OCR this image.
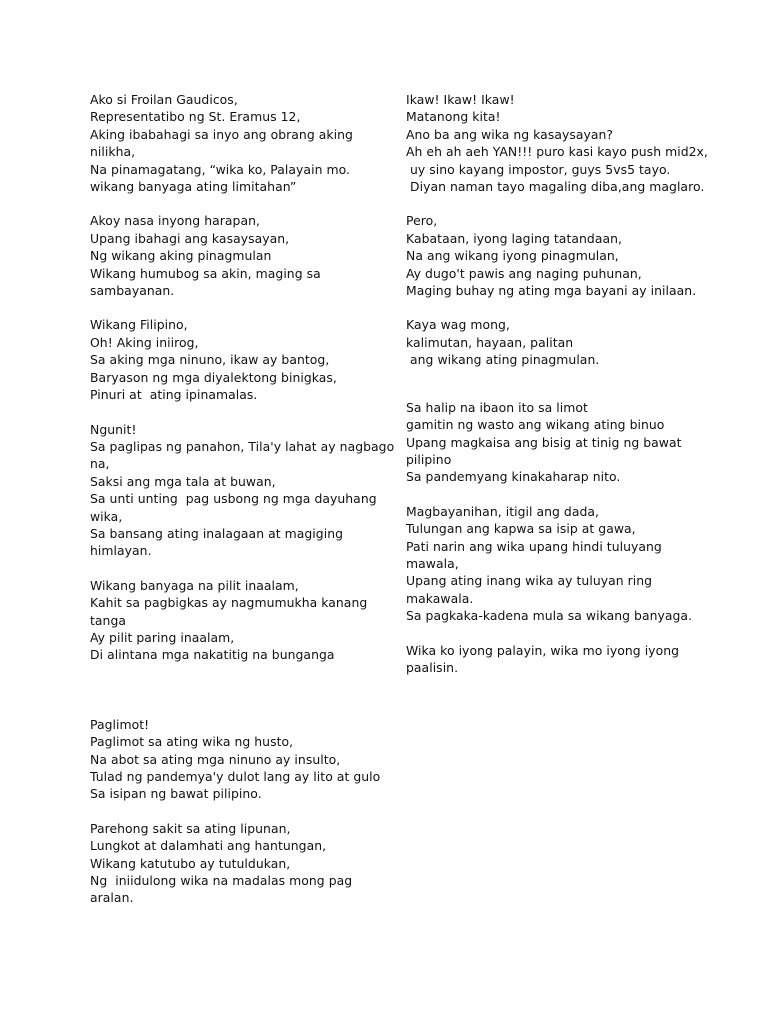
Ako si Froilan Gaudicos,
Representatibo ng St. Eramus 12,
Aking ibabahagi sa inyo ang obrang aking
nilikha,
Na pinamagatang, “wika ko, Palayain mo.
wikang banyaga ating limitahan”
Akoy nasa inyong harapan,
Upang ibahagi ang kasaysayan,
Ng wikang aking pinagmulan
Wikang humubog sa akin, maging sa
sambayanan.
Wikang Filipino,
Oh! Aking iniirog,
Sa aking mga ninuno, ikaw ay bantog,
Baryason ng mga diyalektong binigkas,
Pinuri at  ating ipinamalas.
Ngunit!
Sa paglipas ng panahon, Tila'y lahat ay nagbago
na,
Saksi ang mga tala at buwan,
Sa unti unting  pag usbong ng mga dayuhang
wika,
Sa bansang ating inalagaan at magiging
himlayan.
Wikang banyaga na pilit inaalam,
Kahit sa pagbigkas ay nagmumukha kanang
tanga
Ay pilit paring inaalam,
Di alintana mga nakatitig na bunganga
Paglimot!
Paglimot sa ating wika ng husto,
Na abot sa ating mga ninuno ay insulto,
Tulad ng pandemya'y dulot lang ay lito at gulo
Sa isipan ng bawat pilipino.
Parehong sakit sa ating lipunan,
Lungkot at dalamhati ang hantungan,
Wikang katutubo ay tutuldukan,
Ng  iniidulong wika na madalas mong pag
aralan.
Ikaw! Ikaw! Ikaw!
Matanong kita!
Ano ba ang wika ng kasaysayan?
Ah eh ah aeh YAN!!! puro kasi kayo push mid2x,
uy sino kayang impostor, guys 5vs5 tayo.
Diyan naman tayo magaling diba,ang maglaro.
Pero,
Kabataan, iyong laging tatandaan,
Na ang wikang iyong pinagmulan,
Ay dugo't pawis ang naging puhunan,
Maging buhay ng ating mga bayani ay inilaan.
Kaya wag mong,
kalimutan, hayaan, palitan
ang wikang ating pinagmulan.
Sa halip na ibaon ito sa limot
gamitin ng wasto ang wikang ating binuo
Upang magkaisa ang bisig at tinig ng bawat
pilipino
Sa pandemyang kinakaharap nito.
Magbayanihan, itigil ang dada,
Tulungan ang kapwa sa isip at gawa,
Pati narin ang wika upang hindi tuluyang
mawala,
Upang ating inang wika ay tuluyan ring
makawala.
Sa pagkaka-kadena mula sa wikang banyaga.
Wika ko iyong palayin, wika mo iyong iyong
paalisin.
